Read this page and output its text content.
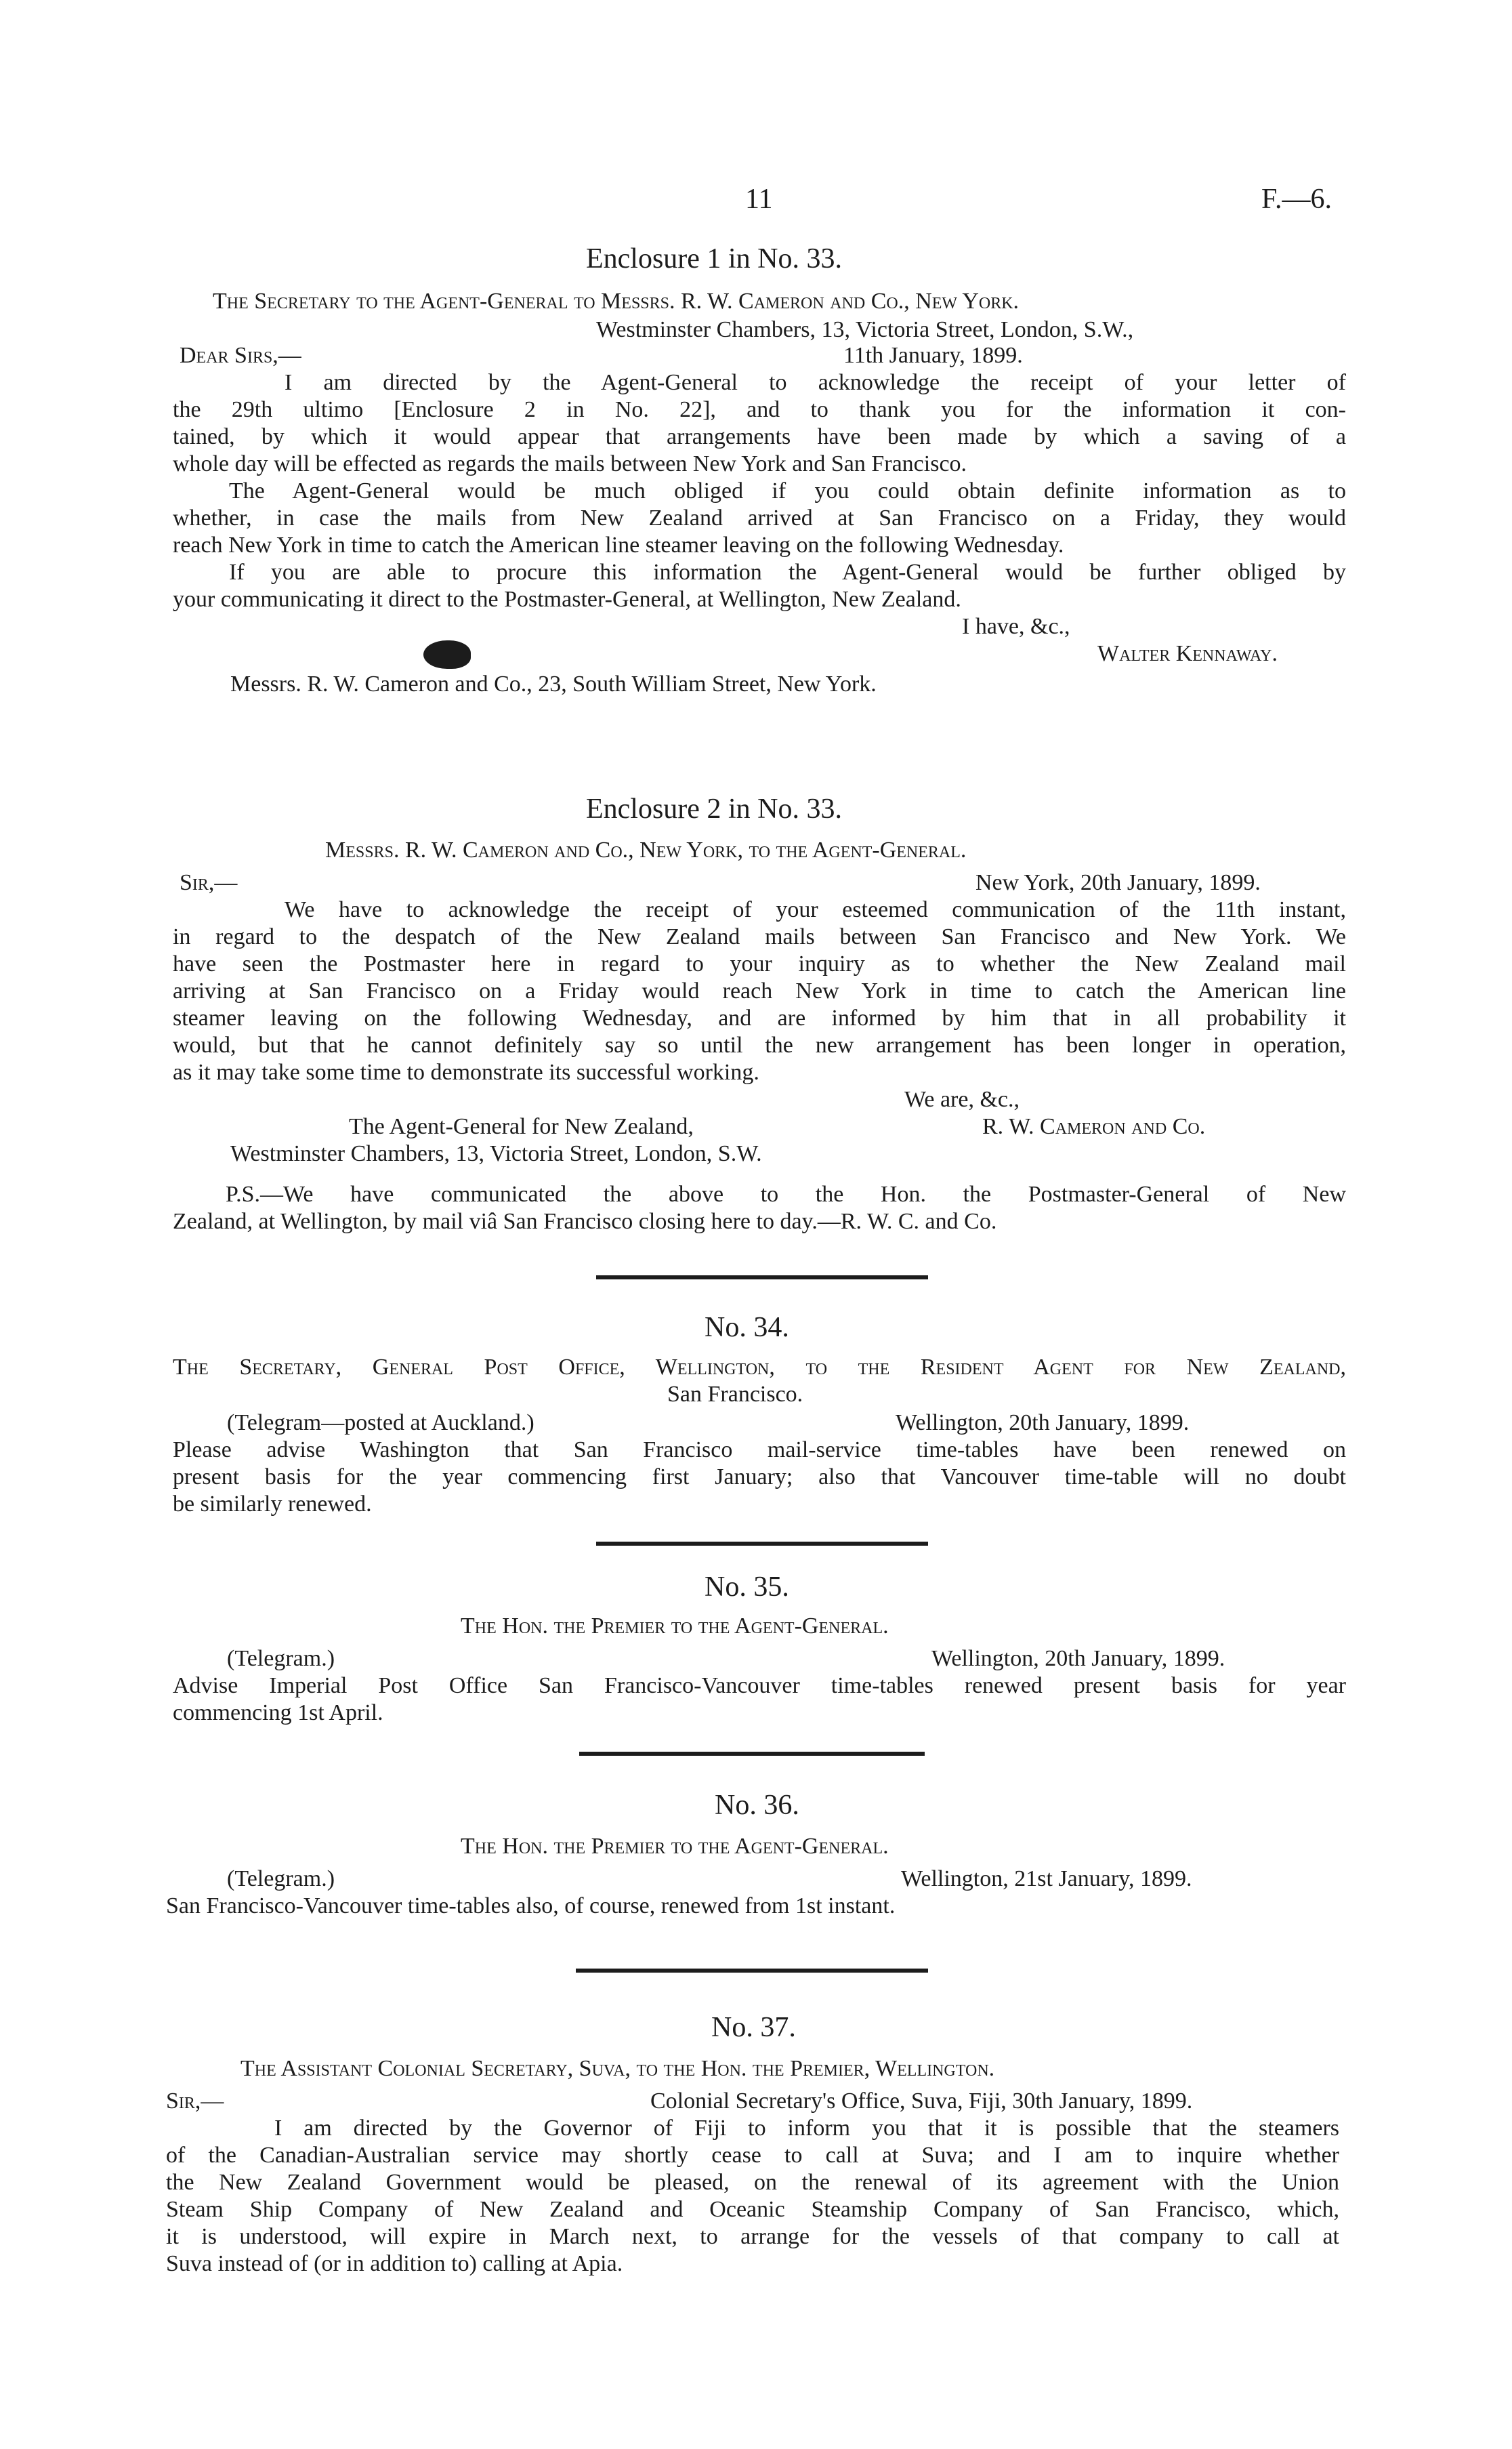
11	F.—6.
Enclosure 1 in No. 33.
The Secretary to the Agent-General to Messrs. R. W. Cameron and Co., New York.
Westminster Chambers, 13, Victoria Street, London, S.W.,
Dear Sirs,—	11th January, 1899.
I am directed by the Agent-General to acknowledge the receipt of your letter of
the 29th ultimo [Enclosure 2 in No. 22], and to thank you for the information it con-
tained, by which it would appear that arrangements have been made by which a saving of a
whole day will be effected as regards the mails between New York and San Francisco.
The Agent-General would be much obliged if you could obtain definite information as to
whether, in case the mails from New Zealand arrived at San Francisco on a Friday, they would
reach New York in time to catch the American line steamer leaving on the following Wednesday.
If you are able to procure this information the Agent-General would be further obliged by
your communicating it direct to the Postmaster-General, at Wellington, New Zealand.
I have, &c.,
Walter Kennaway.
Messrs. R. W. Cameron and Co., 23, South William Street, New York.
Enclosure 2 in No. 33.
Messrs. R. W. Cameron and Co., New York, to the Agent-General.
Sir,—	New York, 20th January, 1899.
We have to acknowledge the receipt of your esteemed communication of the 11th instant,
in regard to the despatch of the New Zealand mails between San Francisco and New York. We
have seen the Postmaster here in regard to your inquiry as to whether the New Zealand mail
arriving at San Francisco on a Friday would reach New York in time to catch the American line
steamer leaving on the following Wednesday, and are informed by him that in all probability it
would, but that he cannot definitely say so until the new arrangement has been longer in operation,
as it may take some time to demonstrate its successful working.
We are, &c.,
The Agent-General for New Zealand,	R. W. Cameron and Co.
Westminster Chambers, 13, Victoria Street, London, S.W.
P.S.—We have communicated the above to the Hon. the Postmaster-General of New
Zealand, at Wellington, by mail viâ San Francisco closing here to day.—R. W. C. and Co.
No. 34.
The Secretary, General Post Office, Wellington, to the Resident Agent for New Zealand,
San Francisco.
(Telegram—posted at Auckland.)	Wellington, 20th January, 1899.
Please advise Washington that San Francisco mail-service time-tables have been renewed on
present basis for the year commencing first January; also that Vancouver time-table will no doubt
be similarly renewed.
No. 35.
The Hon. the Premier to the Agent-General.
(Telegram.)	Wellington, 20th January, 1899.
Advise Imperial Post Office San Francisco-Vancouver time-tables renewed present basis for year
commencing 1st April.
No. 36.
The Hon. the Premier to the Agent-General.
(Telegram.)	Wellington, 21st January, 1899.
San Francisco-Vancouver time-tables also, of course, renewed from 1st instant.
No. 37.
The Assistant Colonial Secretary, Suva, to the Hon. the Premier, Wellington.
Sir,—	Colonial Secretary's Office, Suva, Fiji, 30th January, 1899.
I am directed by the Governor of Fiji to inform you that it is possible that the steamers
of the Canadian-Australian service may shortly cease to call at Suva; and I am to inquire whether
the New Zealand Government would be pleased, on the renewal of its agreement with the Union
Steam Ship Company of New Zealand and Oceanic Steamship Company of San Francisco, which,
it is understood, will expire in March next, to arrange for the vessels of that company to call at
Suva instead of (or in addition to) calling at Apia.
